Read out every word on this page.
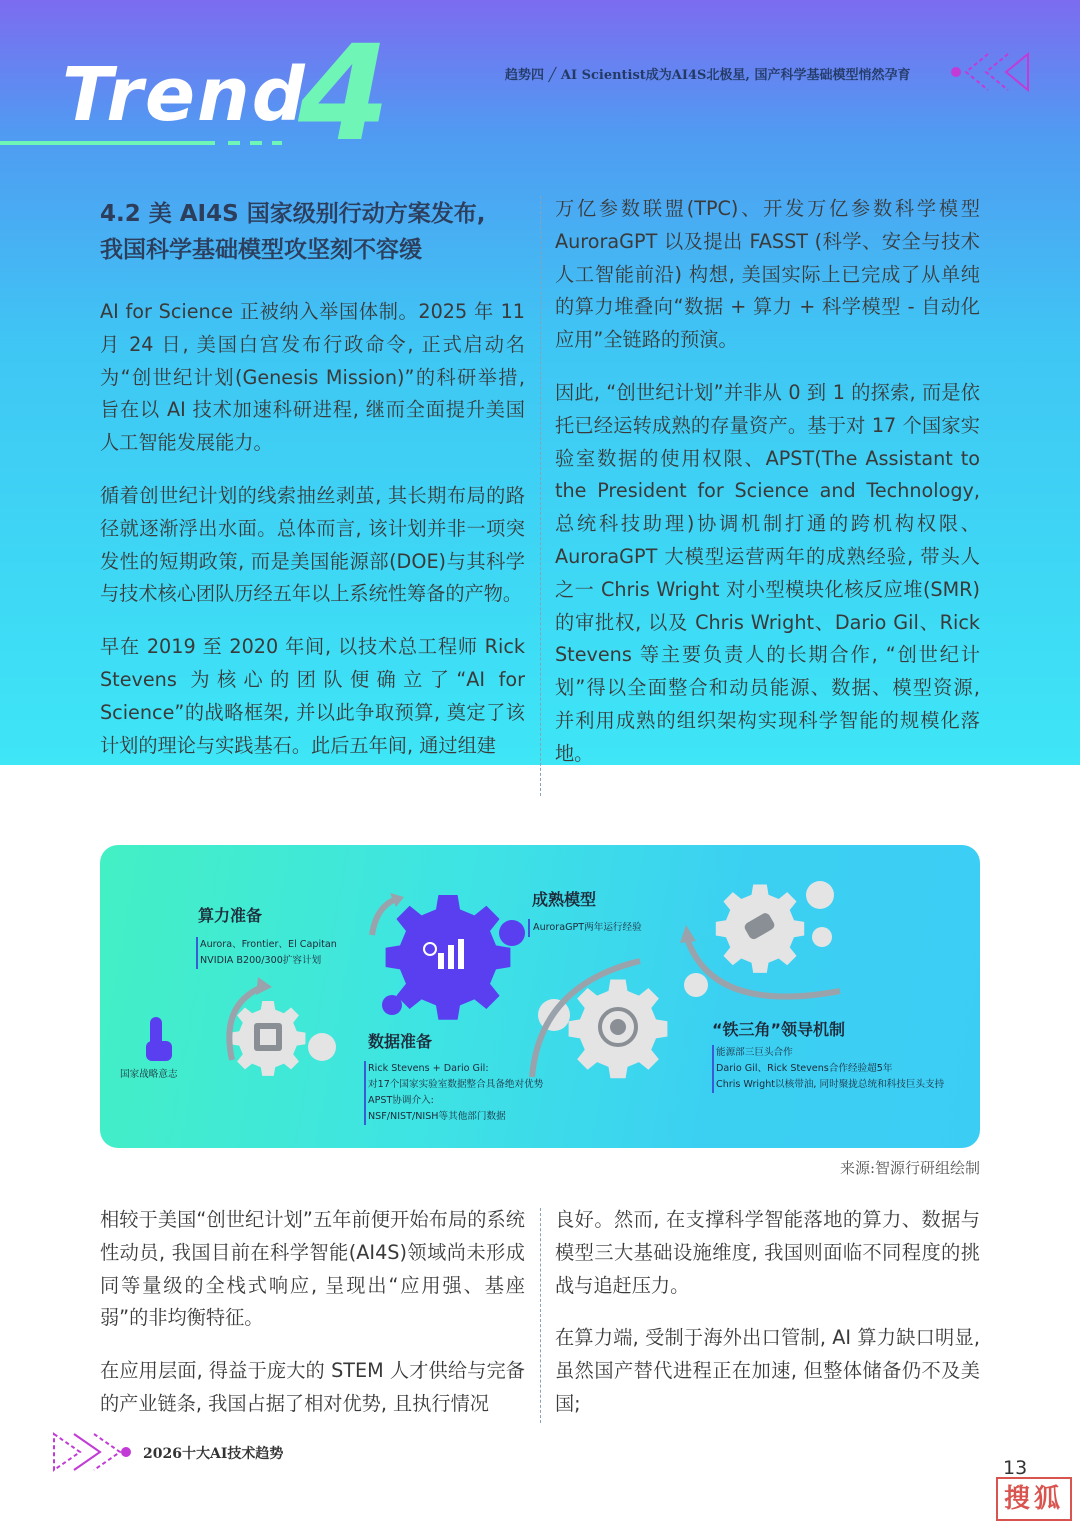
Trend
4	趋势四 ╱ AI Scientist成为AI4S北极星, 国产科学基础模型悄然孕育
4.2 美 AI4S 国家级别行动方案发布,
我国科学基础模型攻坚刻不容缓

AI for Science 正被纳入举国体制。2025 年 11 月 24 日, 美国白宫发布行政命令, 正式启动名为“创世纪计划(Genesis Mission)”的科研举措, 旨在以 AI 技术加速科研进程, 继而全面提升美国人工智能发展能力。

循着创世纪计划的线索抽丝剥茧, 其长期布局的路径就逐渐浮出水面。总体而言, 该计划并非一项突发性的短期政策, 而是美国能源部(DOE)与其科学与技术核心团队历经五年以上系统性筹备的产物。

早在 2019 至 2020 年间, 以技术总工程师 Rick Stevens 为核心的团队便确立了“AI for Science”的战略框架, 并以此争取预算, 奠定了该计划的理论与实践基石。此后五年间, 通过组建

万亿参数联盟(TPC)、开发万亿参数科学模型 AuroraGPT 以及提出 FASST (科学、安全与技术人工智能前沿) 构想, 美国实际上已完成了从单纯的算力堆叠向“数据 + 算力 + 科学模型 - 自动化应用”全链路的预演。

因此, “创世纪计划”并非从 0 到 1 的探索, 而是依托已经运转成熟的存量资产。基于对 17 个国家实验室数据的使用权限、APST(The Assistant to the President for Science and Technology, 总统科技助理)协调机制打通的跨机构权限、AuroraGPT 大模型运营两年的成熟经验, 带头人之一 Chris Wright 对小型模块化核反应堆(SMR)的审批权, 以及 Chris Wright、Dario Gil、Rick Stevens 等主要负责人的长期合作, “创世纪计划”得以全面整合和动员能源、数据、模型资源, 并利用成熟的组织架构实现科学智能的规模化落地。

算力准备
Aurora、Frontier、El Capitan
NVIDIA B200/300扩容计划
成熟模型
AuroraGPT两年运行经验
数据准备
Rick Stevens + Dario Gil:
对17个国家实验室数据整合具备绝对优势
APST协调介入:
NSF/NIST/NISH等其他部门数据
“铁三角”领导机制
能源部三巨头合作
Dario Gil、Rick Stevens合作经验超5年
Chris Wright以核带油, 同时聚拢总统和科技巨头支持
国家战略意志
来源:智源行研组绘制

相较于美国“创世纪计划”五年前便开始布局的系统性动员, 我国目前在科学智能(AI4S)领域尚未形成同等量级的全栈式响应, 呈现出“应用强、基座弱”的非均衡特征。

在应用层面, 得益于庞大的 STEM 人才供给与完备的产业链条, 我国占据了相对优势, 且执行情况

良好。然而, 在支撑科学智能落地的算力、数据与模型三大基础设施维度, 我国则面临不同程度的挑战与追赶压力。

在算力端, 受制于海外出口管制, AI 算力缺口明显, 虽然国产替代进程正在加速, 但整体储备仍不及美国;

2026十大AI技术趋势
13
搜狐
